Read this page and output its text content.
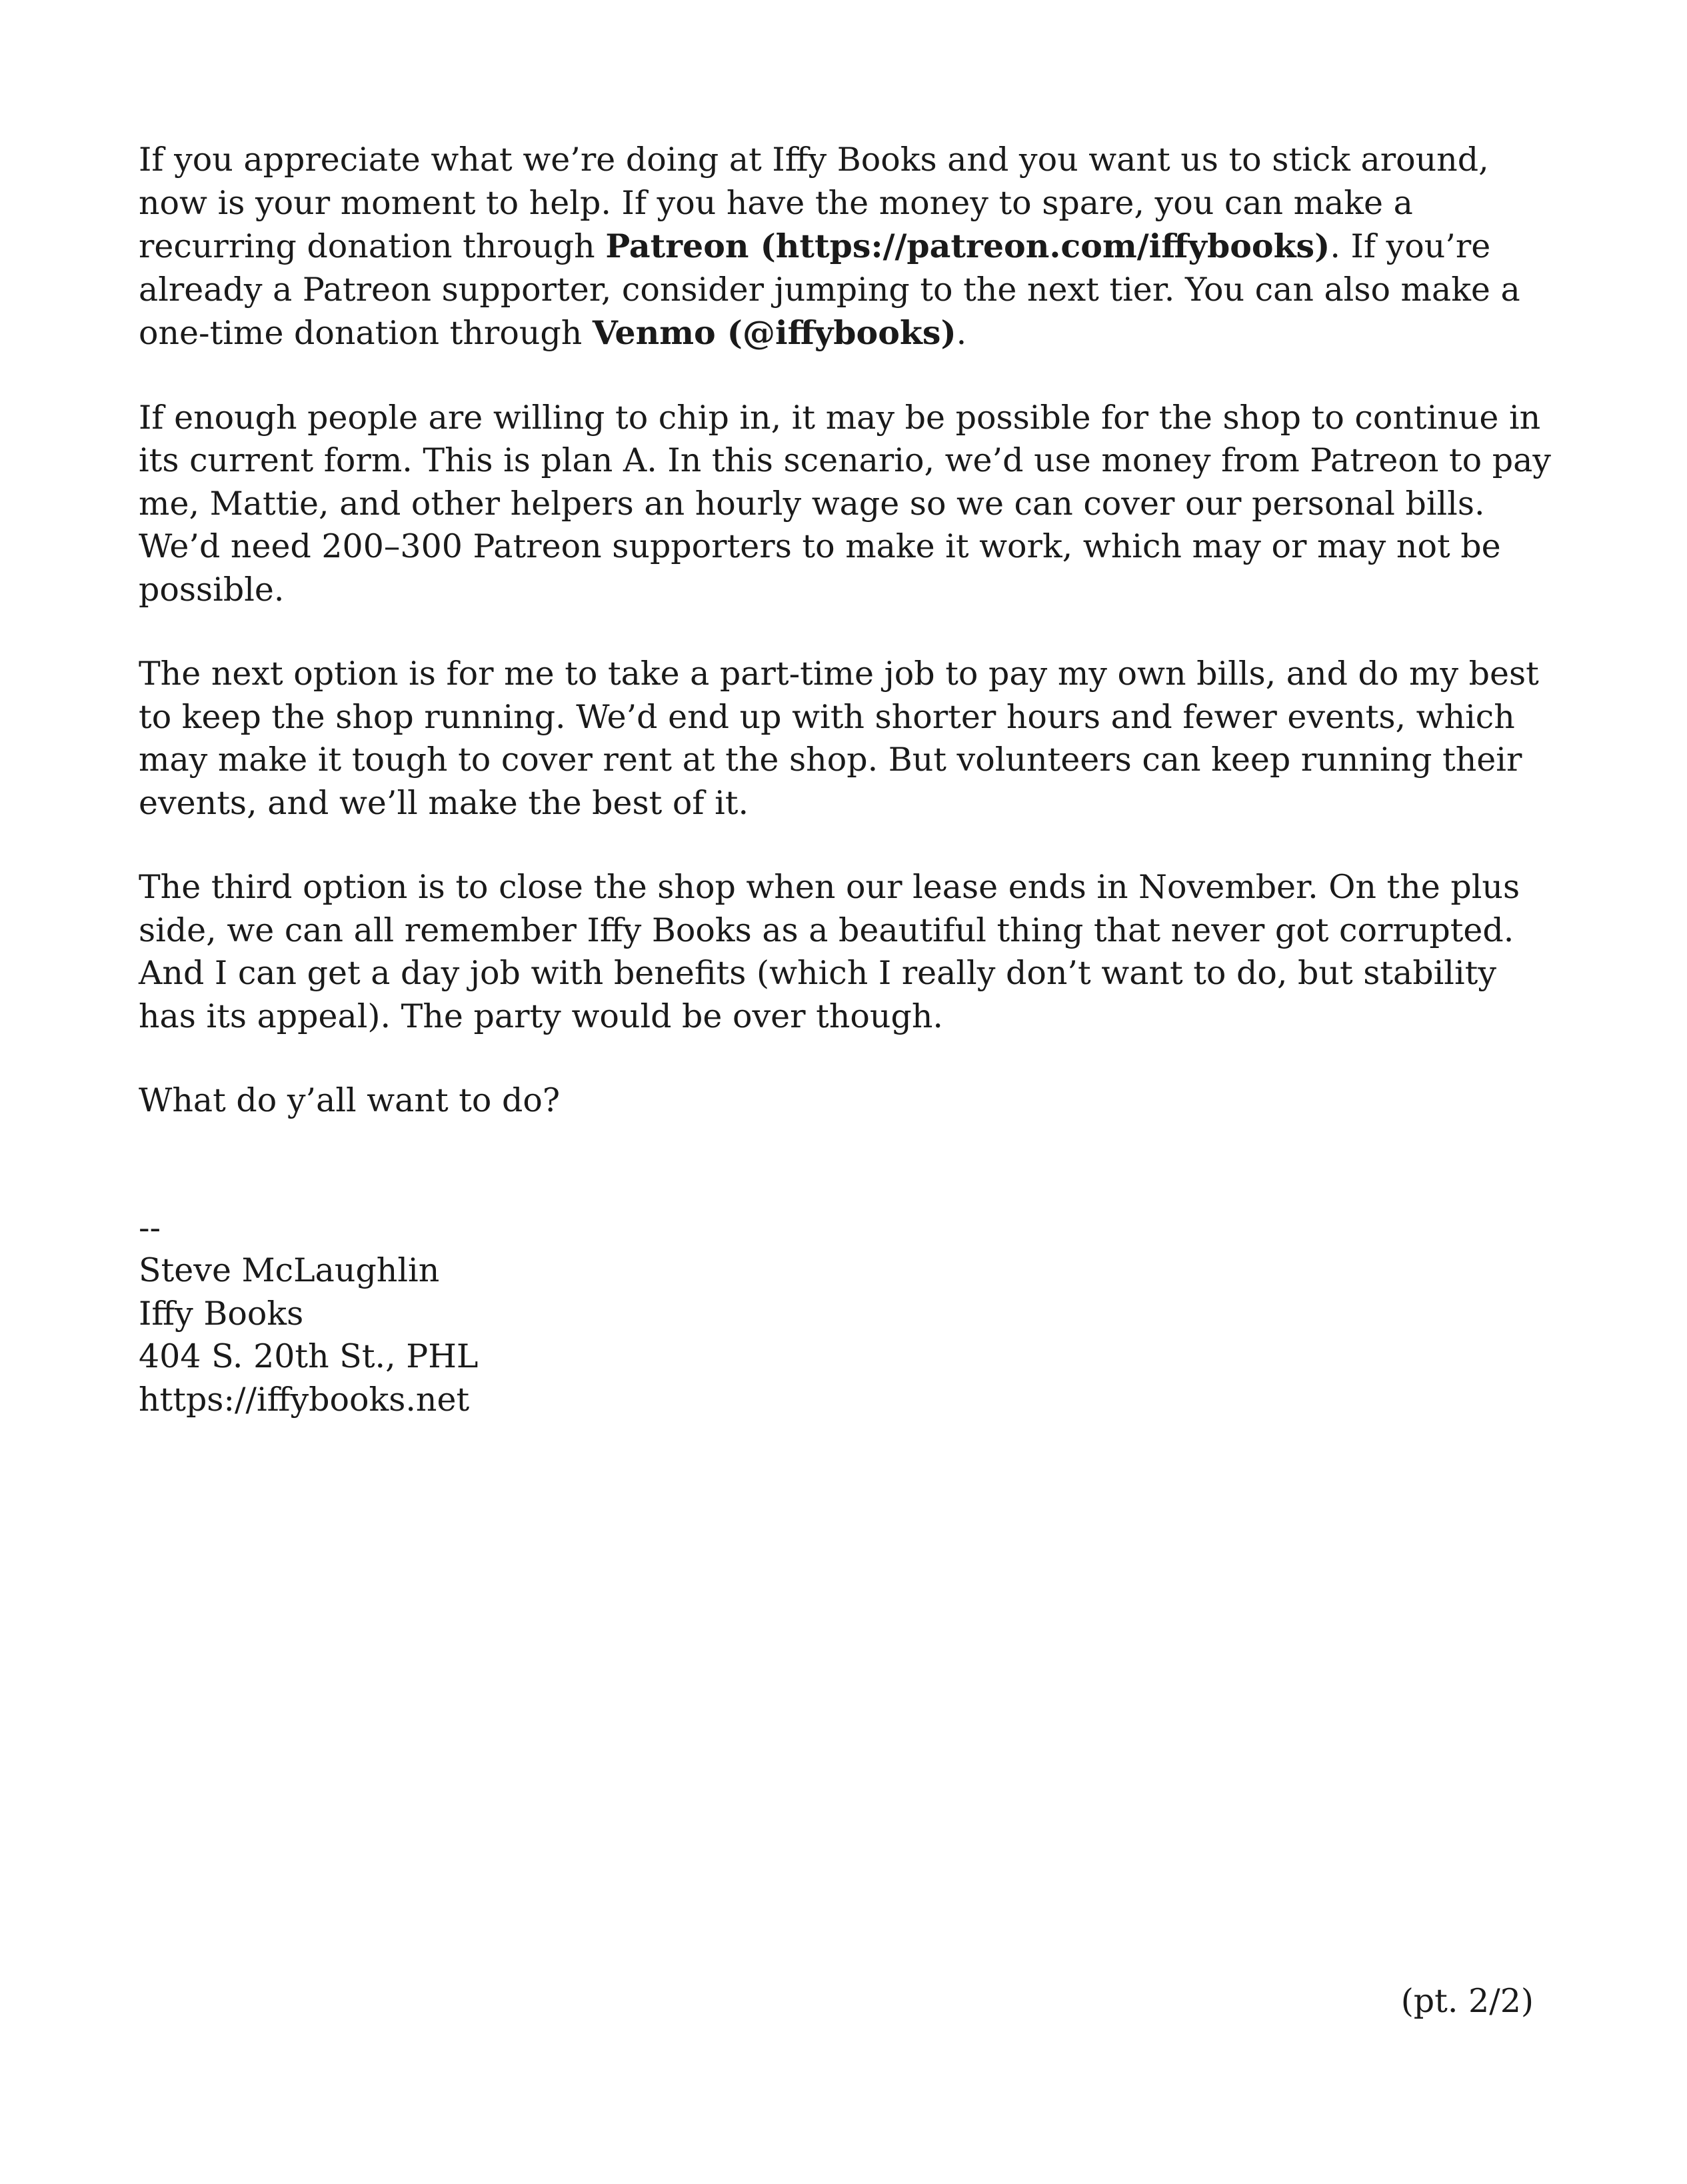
If you appreciate what we’re doing at Iffy Books and you want us to stick around, now is your moment to help. If you have the money to spare, you can make a recurring donation through Patreon (https://patreon.com/iffybooks). If you’re already a Patreon supporter, consider jumping to the next tier. You can also make a one-time donation through Venmo (@iffybooks).

If enough people are willing to chip in, it may be possible for the shop to continue in its current form. This is plan A. In this scenario, we’d use money from Patreon to pay me, Mattie, and other helpers an hourly wage so we can cover our personal bills. We’d need 200–300 Patreon supporters to make it work, which may or may not be possible.

The next option is for me to take a part-time job to pay my own bills, and do my best to keep the shop running. We’d end up with shorter hours and fewer events, which may make it tough to cover rent at the shop. But volunteers can keep running their events, and we’ll make the best of it.

The third option is to close the shop when our lease ends in November. On the plus side, we can all remember Iffy Books as a beautiful thing that never got corrupted. And I can get a day job with benefits (which I really don’t want to do, but stability has its appeal). The party would be over though.

What do y’all want to do?

--
Steve McLaughlin
Iffy Books
404 S. 20th St., PHL
https://iffybooks.net
(pt. 2/2)
